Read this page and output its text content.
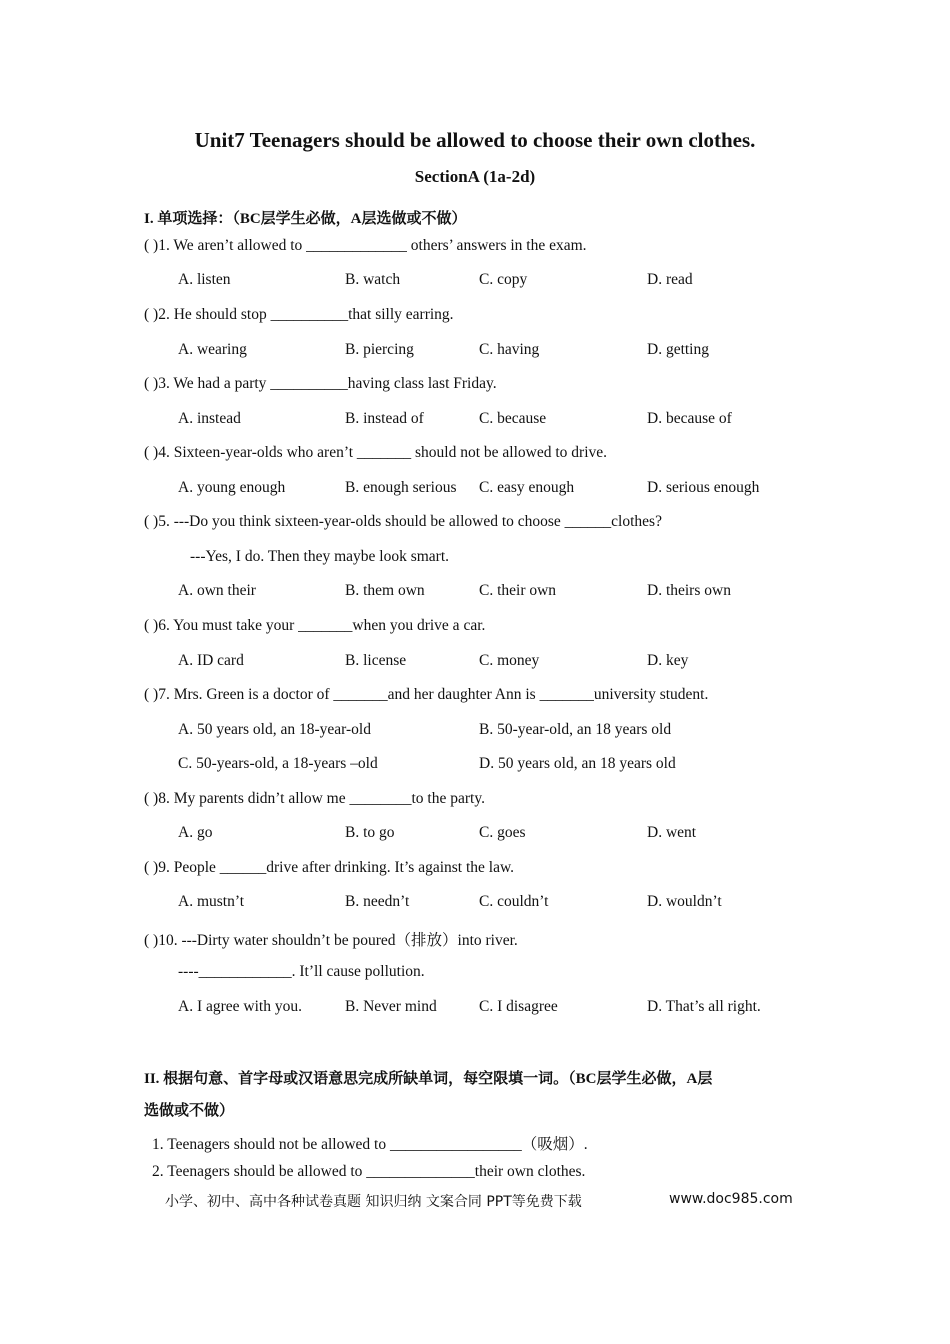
Unit7 Teenagers should be allowed to choose their own clothes.
SectionA (1a-2d)
I. 单项选择：（BC层学生必做，A层选做或不做）
( )1. We aren’t allowed to _____________ others’ answers in the exam.
A. listen	B. watch	C. copy	D. read
( )2. He should stop __________that silly earring.
A. wearing	B. piercing	C. having	D. getting
( )3. We had a party __________having class last Friday.
A. instead	B. instead of	C. because	D. because of
( )4. Sixteen-year-olds who aren’t _______ should not be allowed to drive.
A. young enough	B. enough serious C. easy enough	D. serious enough
( )5. ---Do you think sixteen-year-olds should be allowed to choose ______clothes?
---Yes, I do. Then they maybe look smart.
A. own their	B. them own	C. their own	D. theirs own
( )6. You must take your _______when you drive a car.
A. ID card	B. license	C. money	D. key
( )7. Mrs. Green is a doctor of _______and her daughter Ann is _______university student.
A. 50 years old, an 18-year-old	B. 50-year-old, an 18 years old
C. 50-years-old, a 18-years –old	D. 50 years old, an 18 years old
( )8. My parents didn’t allow me ________to the party.
A. go	B. to go	C. goes	D. went
( )9. People ______drive after drinking. It’s against the law.
A. mustn’t	B. needn’t	C. couldn’t	D. wouldn’t
( )10. ---Dirty water shouldn’t be poured（排放）into river.
----____________. It’ll cause pollution.
A. I agree with you.	B. Never mind	C. I disagree	D. That’s all right.
II. 根据句意、首字母或汉语意思完成所缺单词，每空限填一词。（BC层学生必做，A层
选做或不做）
1. Teenagers should not be allowed to _________________（吸烟）.
2. Teenagers should be allowed to ______________their own clothes.
小学、初中、高中各种试卷真题 知识归纳 文案合同 PPT等免费下载	www.doc985.com
